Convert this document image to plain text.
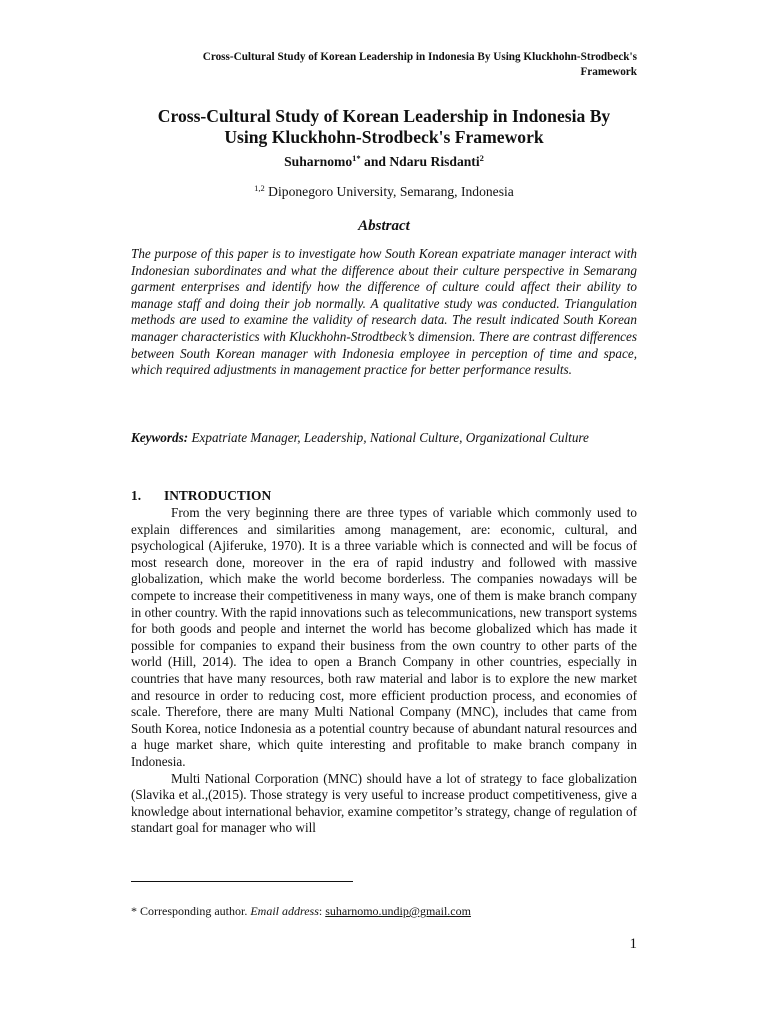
Cross-Cultural Study of Korean Leadership in Indonesia By Using Kluckhohn-Strodbeck's
Framework
Cross-Cultural Study of Korean Leadership in Indonesia By
Using Kluckhohn-Strodbeck's Framework
Suharnomo$^{1*}$ and Ndaru Risdanti$^2$
$^{1,2}$ Diponegoro University, Semarang, Indonesia
Abstract

The purpose of this paper is to investigate how South Korean expatriate manager interact with Indonesian subordinates and what the difference about their culture perspective in Semarang garment enterprises and identify how the difference of culture could affect their ability to manage staff and doing their job normally. A qualitative study was conducted. Triangulation methods are used to examine the validity of research data. The result indicated South Korean manager characteristics with Kluckhohn-Strodtbeck’s dimension. There are contrast differences between South Korean manager with Indonesia employee in perception of time and space, which required adjustments in management practice for better performance results.

Keywords: Expatriate Manager, Leadership, National Culture, Organizational Culture

1. INTRODUCTION

From the very beginning there are three types of variable which commonly used to explain differences and similarities among management, are: economic, cultural, and psychological (Ajiferuke, 1970). It is a three variable which is connected and will be focus of most research done, moreover in the era of rapid industry and followed with massive globalization, which make the world become borderless. The companies nowadays will be compete to increase their competitiveness in many ways, one of them is make branch company in other country. With the rapid innovations such as telecommunications, new transport systems for both goods and people and internet the world has become globalized which has made it possible for companies to expand their business from the own country to other parts of the world (Hill, 2014). The idea to open a Branch Company in other countries, especially in countries that have many resources, both raw material and labor is to explore the new market and resource in order to reducing cost, more efficient production process, and economies of scale. Therefore, there are many Multi National Company (MNC), includes that came from South Korea, notice Indonesia as a potential country because of abundant natural resources and a huge market share, which quite interesting and profitable to make branch company in Indonesia.

Multi National Corporation (MNC) should have a lot of strategy to face globalization (Slavika et al.,(2015). Those strategy is very useful to increase product competitiveness, give a knowledge about international behavior, examine competitor’s strategy, change of regulation of standart goal for manager who will

* Corresponding author. Email address: suharnomo.undip@gmail.com
1
